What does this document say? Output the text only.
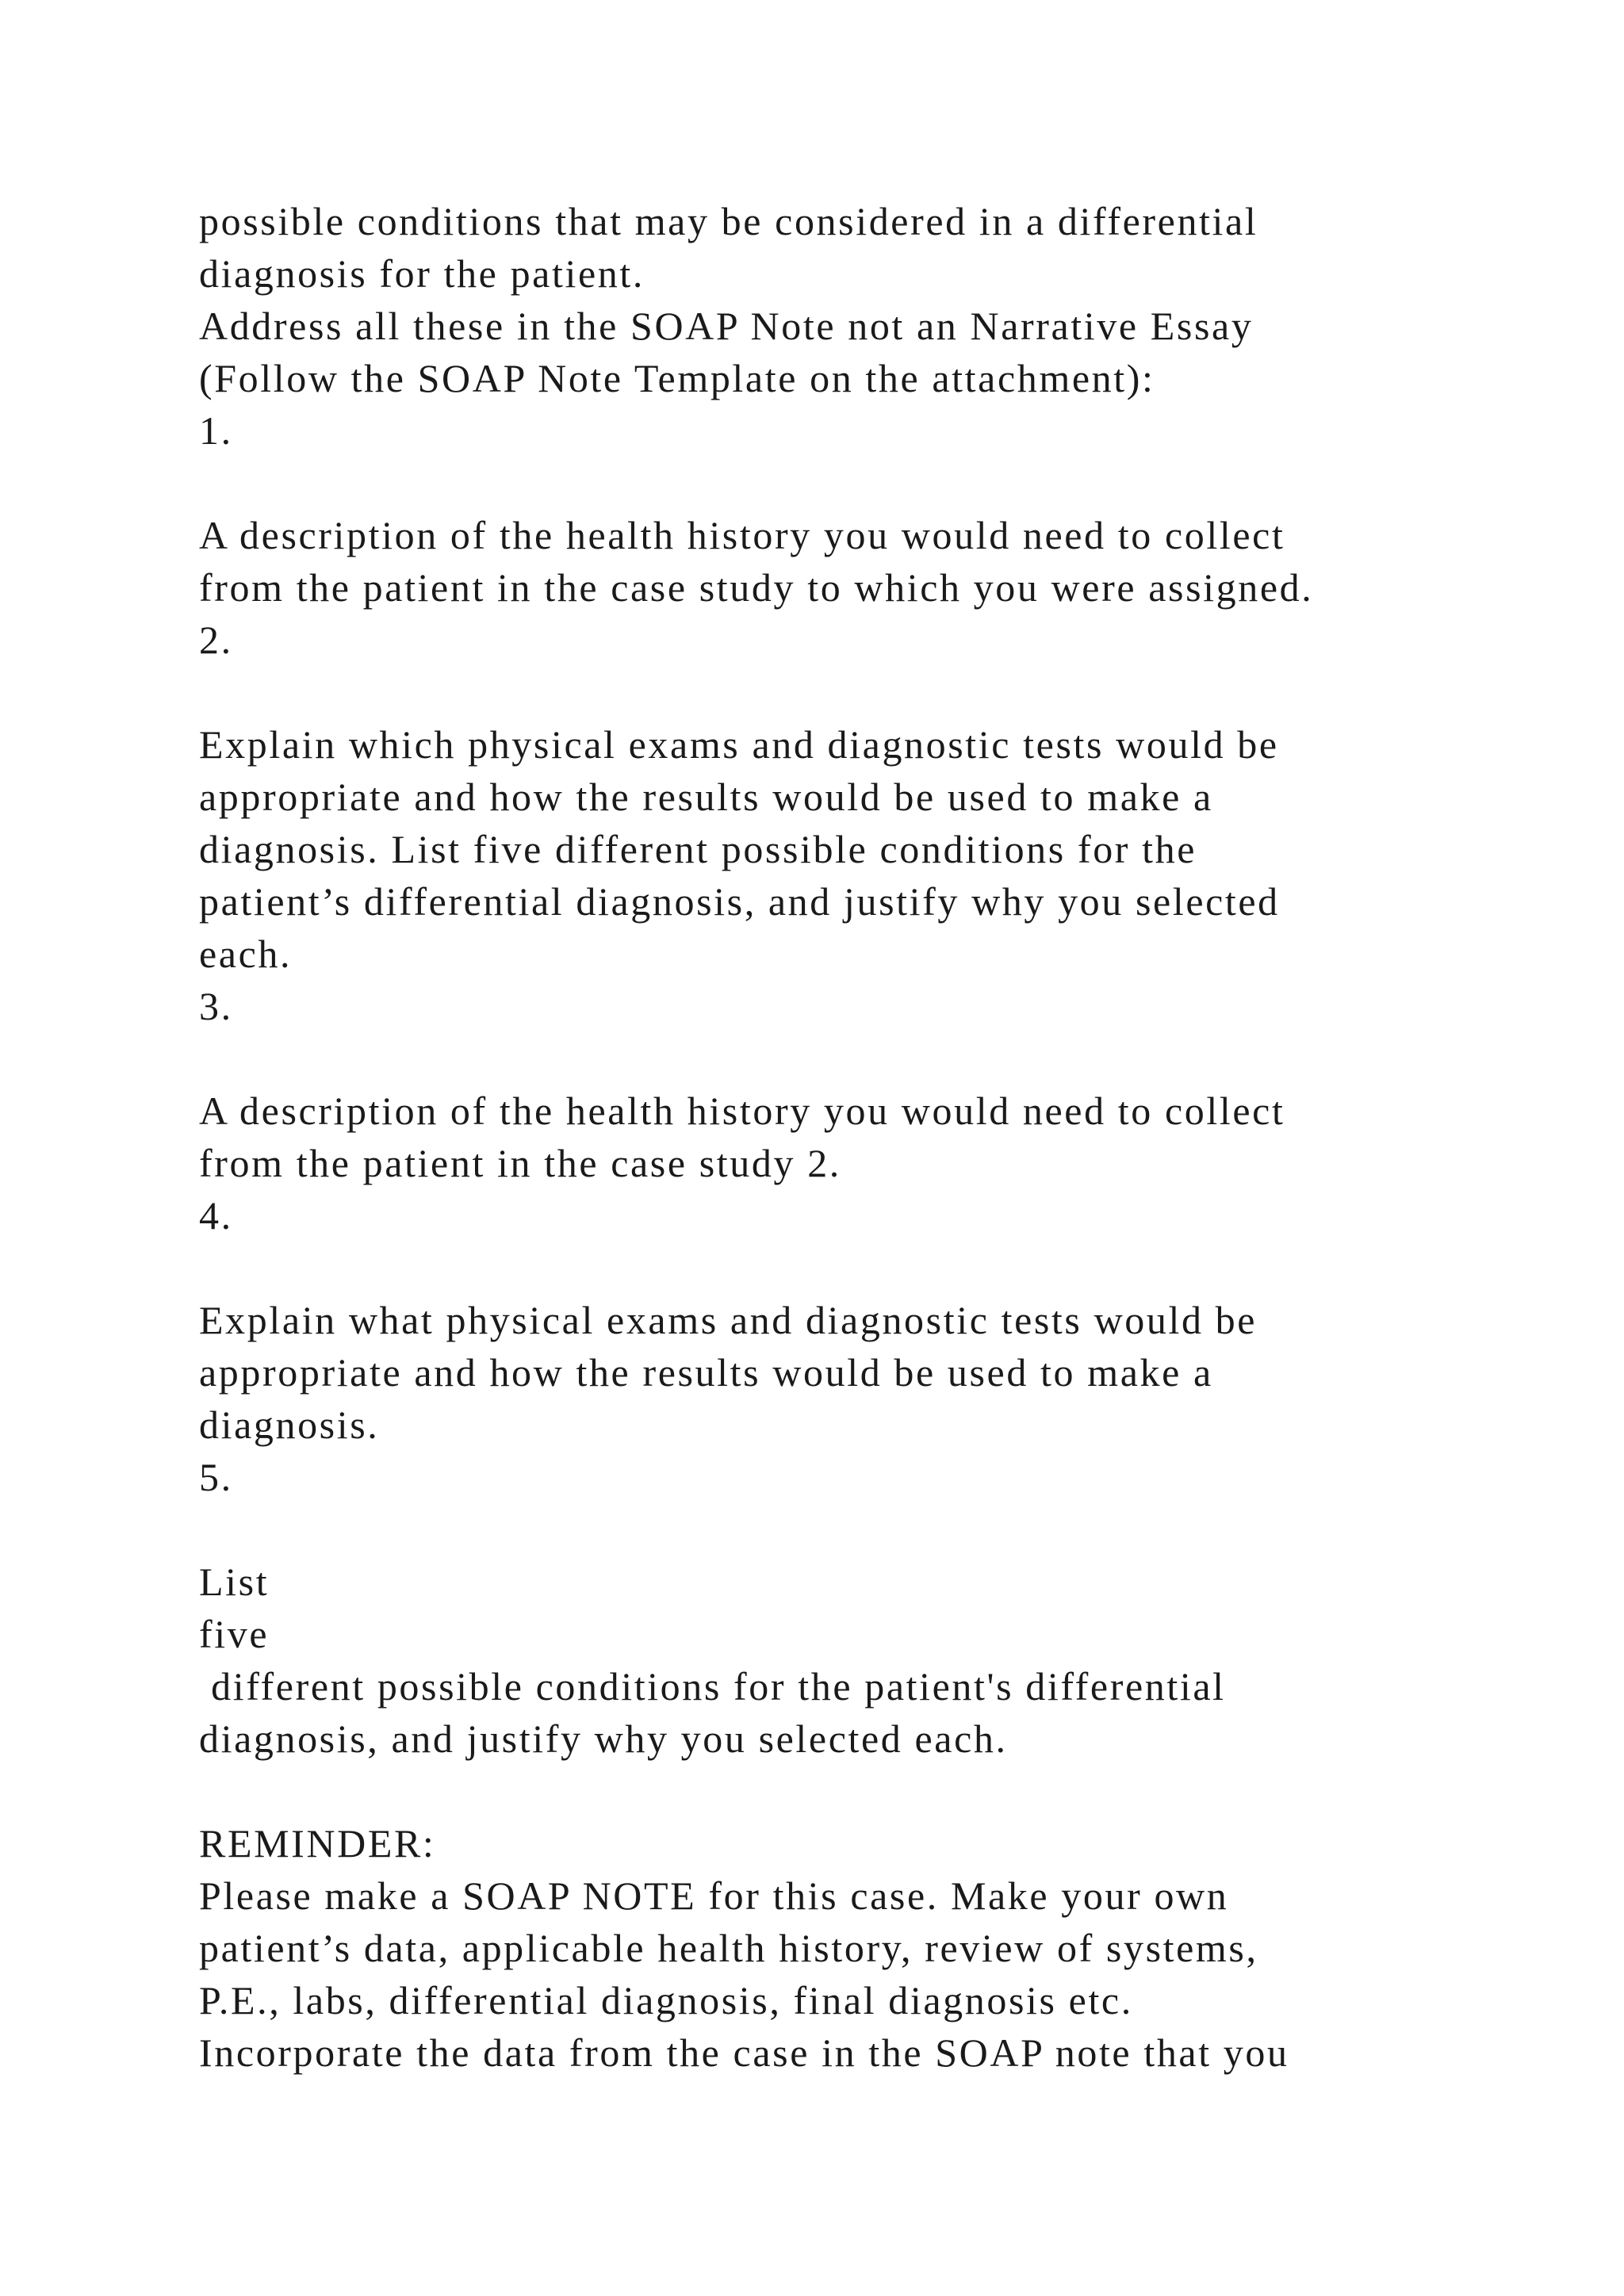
possible conditions that may be considered in a differential
diagnosis for the patient.
Address all these in the SOAP Note not an Narrative Essay
(Follow the SOAP Note Template on the attachment):
1.
A description of the health history you would need to collect
from the patient in the case study to which you were assigned.
2.
Explain which physical exams and diagnostic tests would be
appropriate and how the results would be used to make a
diagnosis. List five different possible conditions for the
patient’s differential diagnosis, and justify why you selected
each.
3.
A description of the health history you would need to collect
from the patient in the case study 2.
4.
Explain what physical exams and diagnostic tests would be
appropriate and how the results would be used to make a
diagnosis.
5.
List
five
different possible conditions for the patient's differential
diagnosis, and justify why you selected each.
REMINDER:
Please make a SOAP NOTE for this case. Make your own
patient’s data, applicable health history, review of systems,
P.E., labs, differential diagnosis, final diagnosis etc.
Incorporate the data from the case in the SOAP note that you
